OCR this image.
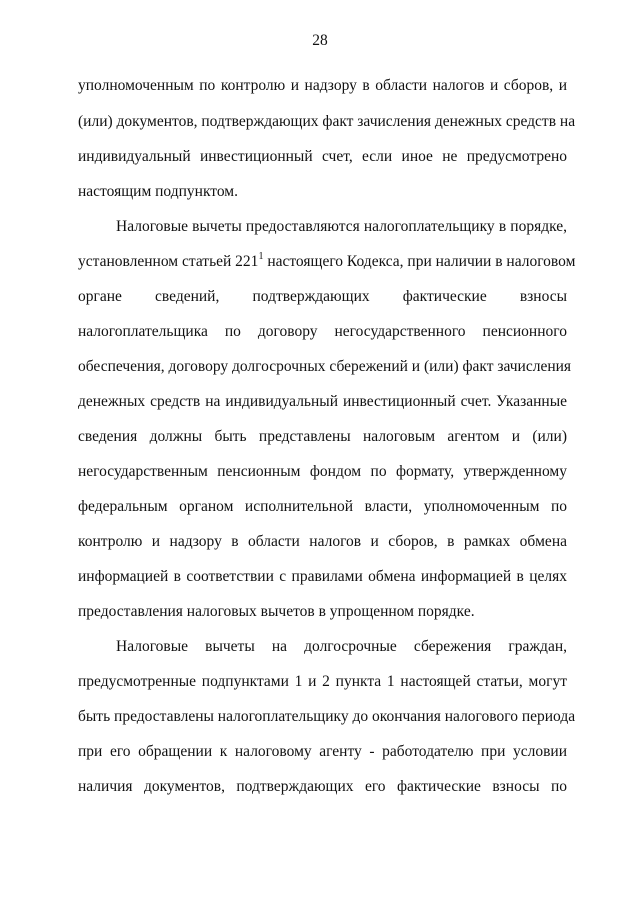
28
уполномоченным по контролю и надзору в области налогов и сборов, и
(или) документов, подтверждающих факт зачисления денежных средств на
индивидуальный инвестиционный счет, если иное не предусмотрено
настоящим подпунктом.
Налоговые вычеты предоставляются налогоплательщику в порядке,
установленном статьей $221^1$ настоящего Кодекса, при наличии в налоговом
органе сведений, подтверждающих фактические взносы
налогоплательщика по договору негосударственного пенсионного
обеспечения, договору долгосрочных сбережений и (или) факт зачисления
денежных средств на индивидуальный инвестиционный счет. Указанные
сведения должны быть представлены налоговым агентом и (или)
негосударственным пенсионным фондом по формату, утвержденному
федеральным органом исполнительной власти, уполномоченным по
контролю и надзору в области налогов и сборов, в рамках обмена
информацией в соответствии с правилами обмена информацией в целях
предоставления налоговых вычетов в упрощенном порядке.
Налоговые вычеты на долгосрочные сбережения граждан,
предусмотренные подпунктами 1 и 2 пункта 1 настоящей статьи, могут
быть предоставлены налогоплательщику до окончания налогового периода
при его обращении к налоговому агенту - работодателю при условии
наличия документов, подтверждающих его фактические взносы по
